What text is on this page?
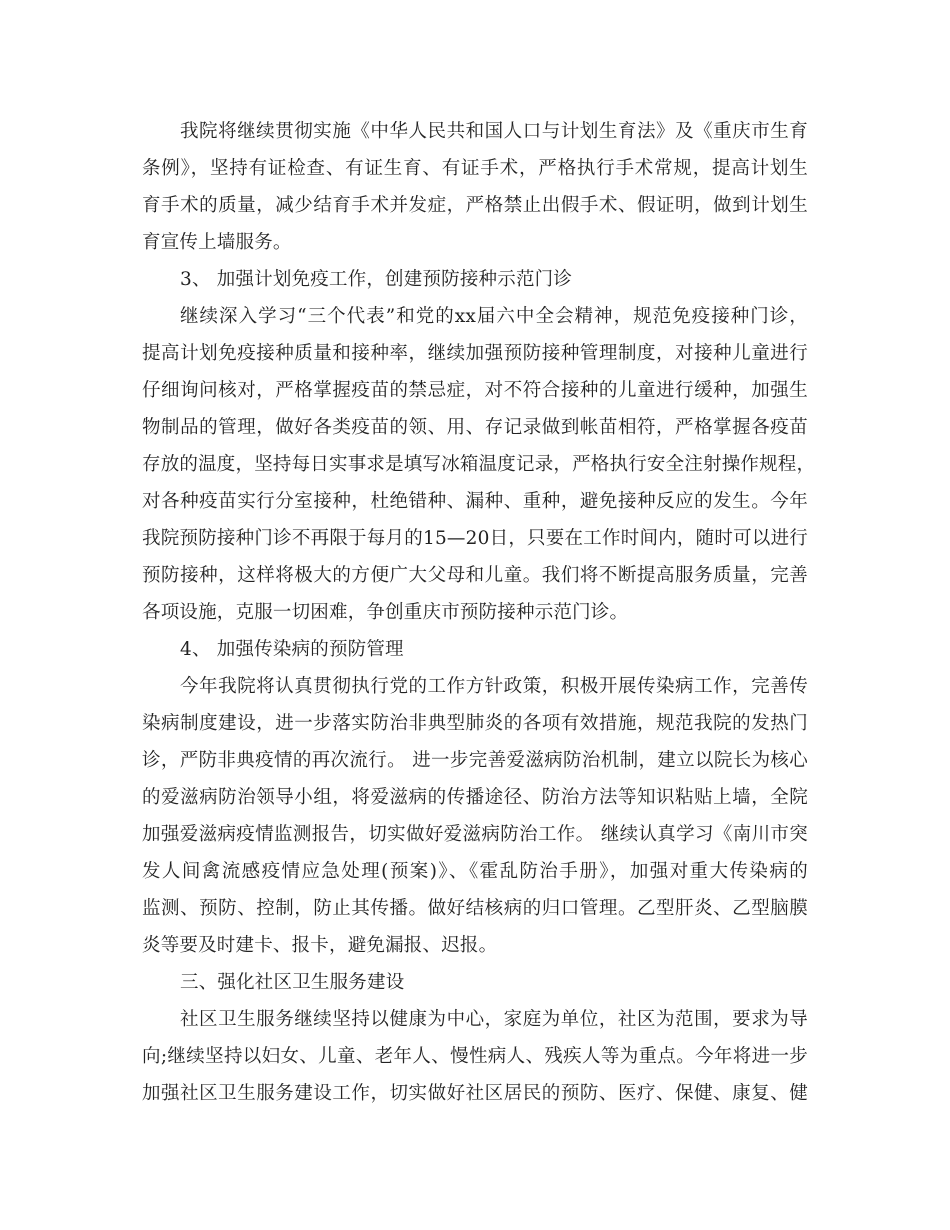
我院将继续贯彻实施《中华人民共和国人口与计划生育法》及《重庆市生育
条例》，坚持有证检查、有证生育、有证手术，严格执行手术常规，提高计划生
育手术的质量，减少结育手术并发症，严格禁止出假手术、假证明，做到计划生
育宣传上墙服务。
3、 加强计划免疫工作，创建预防接种示范门诊
继续深入学习“三个代表”和党的xx届六中全会精神，规范免疫接种门诊，
提高计划免疫接种质量和接种率，继续加强预防接种管理制度，对接种儿童进行
仔细询问核对，严格掌握疫苗的禁忌症，对不符合接种的儿童进行缓种，加强生
物制品的管理，做好各类疫苗的领、用、存记录做到帐苗相符，严格掌握各疫苗
存放的温度，坚持每日实事求是填写冰箱温度记录，严格执行安全注射操作规程，
对各种疫苗实行分室接种，杜绝错种、漏种、重种，避免接种反应的发生。今年
我院预防接种门诊不再限于每月的15—20日，只要在工作时间内，随时可以进行
预防接种，这样将极大的方便广大父母和儿童。我们将不断提高服务质量，完善
各项设施，克服一切困难，争创重庆市预防接种示范门诊。
4、 加强传染病的预防管理
今年我院将认真贯彻执行党的工作方针政策，积极开展传染病工作，完善传
染病制度建设，进一步落实防治非典型肺炎的各项有效措施，规范我院的发热门
诊，严防非典疫情的再次流行。 进一步完善爱滋病防治机制，建立以院长为核心
的爱滋病防治领导小组，将爱滋病的传播途径、防治方法等知识粘贴上墙，全院
加强爱滋病疫情监测报告，切实做好爱滋病防治工作。 继续认真学习《南川市突
发人间禽流感疫情应急处理(预案)》、《霍乱防治手册》，加强对重大传染病的
监测、预防、控制，防止其传播。做好结核病的归口管理。乙型肝炎、乙型脑膜
炎等要及时建卡、报卡，避免漏报、迟报。
三、强化社区卫生服务建设
社区卫生服务继续坚持以健康为中心，家庭为单位，社区为范围，要求为导
向;继续坚持以妇女、儿童、老年人、慢性病人、残疾人等为重点。今年将进一步
加强社区卫生服务建设工作，切实做好社区居民的预防、医疗、保健、康复、健
